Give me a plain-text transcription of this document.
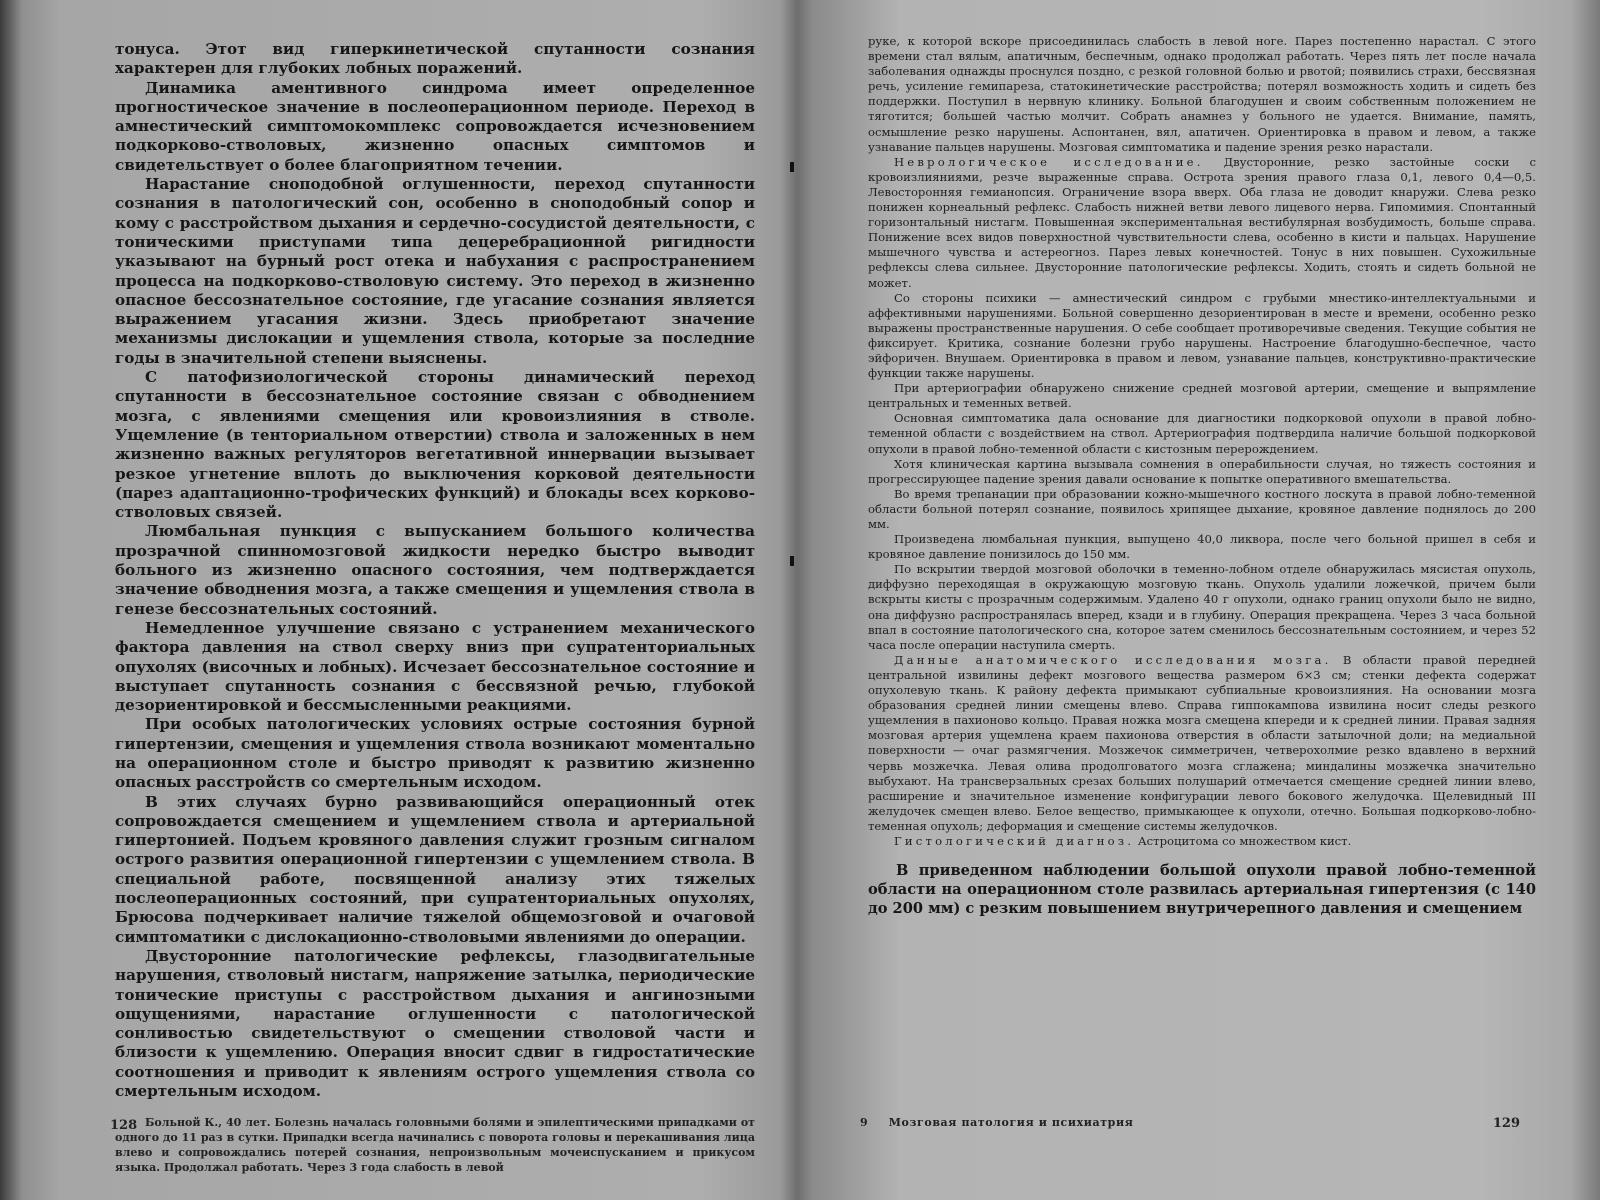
тонуса. Этот вид гиперкинетической спутанности сознания характерен для глубоких лобных поражений.

Динамика аментивного синдрома имеет определенное прогностическое значение в послеоперационном периоде. Переход в амнестический симптомокомплекс сопровождается исчезновением подкорково-стволовых, жизненно опасных симптомов и свидетельствует о более благоприятном течении.

Нарастание сноподобной оглушенности, переход спутанности сознания в патологический сон, особенно в сноподобный сопор и кому с расстройством дыхания и сердечно-сосудистой деятельности, с тоническими приступами типа децеребрационной ригидности указывают на бурный рост отека и набухания с распространением процесса на подкорково-стволовую систему. Это переход в жизненно опасное бессознательное состояние, где угасание сознания является выражением угасания жизни. Здесь приобретают значение механизмы дислокации и ущемления ствола, которые за последние годы в значительной степени выяснены.

С патофизиологической стороны динамический переход спутанности в бессознательное состояние связан с обводнением мозга, с явлениями смещения или кровоизлияния в стволе. Ущемление (в тенториальном отверстии) ствола и заложенных в нем жизненно важных регуляторов вегетативной иннервации вызывает резкое угнетение вплоть до выключения корковой деятельности (парез адаптационно-трофических функций) и блокады всех корково-стволовых связей.

Люмбальная пункция с выпусканием большого количества прозрачной спинномозговой жидкости нередко быстро выводит больного из жизненно опасного состояния, чем подтверждается значение обводнения мозга, а также смещения и ущемления ствола в генезе бессознательных состояний.

Немедленное улучшение связано с устранением механического фактора давления на ствол сверху вниз при супратенториальных опухолях (височных и лобных). Исчезает бессознательное состояние и выступает спутанность сознания с бессвязной речью, глубокой дезориентировкой и бессмысленными реакциями.

При особых патологических условиях острые состояния бурной гипертензии, смещения и ущемления ствола возникают моментально на операционном столе и быстро приводят к развитию жизненно опасных расстройств со смертельным исходом.

В этих случаях бурно развивающийся операционный отек сопровождается смещением и ущемлением ствола и артериальной гипертонией. Подъем кровяного давления служит грозным сигналом острого развития операционной гипертензии с ущемлением ствола. В специальной работе, посвященной анализу этих тяжелых послеоперационных состояний, при супратенториальных опухолях, Брюсова подчеркивает наличие тяжелой общемозговой и очаговой симптоматики с дислокационно-стволовыми явлениями до операции.

Двусторонние патологические рефлексы, глазодвигательные нарушения, стволовый нистагм, напряжение затылка, периодические тонические приступы с расстройством дыхания и ангинозными ощущениями, нарастание оглушенности с патологической сонливостью свидетельствуют о смещении стволовой части и близости к ущемлению. Операция вносит сдвиг в гидростатические соотношения и приводит к явлениям острого ущемления ствола со смертельным исходом.

Больной К., 40 лет. Болезнь началась головными болями и эпилептическими припадками от одного до 11 раз в сутки. Припадки всегда начинались с поворота головы и перекашивания лица влево и сопровождались потерей сознания, непроизвольным мочеиспусканием и прикусом языка. Продолжал работать. Через 3 года слабость в левой

128

руке, к которой вскоре присоединилась слабость в левой ноге. Парез постепенно нарастал. С этого времени стал вялым, апатичным, беспечным, однако продолжал работать. Через пять лет после начала заболевания однажды проснулся поздно, с резкой головной болью и рвотой; появились страхи, бессвязная речь, усиление гемипареза, статокинетические расстройства; потерял возможность ходить и сидеть без поддержки. Поступил в нервную клинику. Больной благодушен и своим собственным положением не тяготится; большей частью молчит. Собрать анамнез у больного не удается. Внимание, память, осмышление резко нарушены. Аспонтанен, вял, апатичен. Ориентировка в правом и левом, а также узнавание пальцев нарушены. Мозговая симптоматика и падение зрения резко нарастали.

Неврологическое исследование. Двусторонние, резко застойные соски с кровоизлияниями, резче выраженные справа. Острота зрения правого глаза 0,1, левого 0,4—0,5. Левосторонняя гемианопсия. Ограничение взора вверх. Оба глаза не доводит кнаружи. Слева резко понижен корнеальный рефлекс. Слабость нижней ветви левого лицевого нерва. Гипомимия. Спонтанный горизонтальный нистагм. Повышенная экспериментальная вестибулярная возбудимость, больше справа. Понижение всех видов поверхностной чувствительности слева, особенно в кисти и пальцах. Нарушение мышечного чувства и астереогноз. Парез левых конечностей. Тонус в них повышен. Сухожильные рефлексы слева сильнее. Двусторонние патологические рефлексы. Ходить, стоять и сидеть больной не может.

Со стороны психики — амнестический синдром с грубыми мнестико-интеллектуальными и аффективными нарушениями. Больной совершенно дезориентирован в месте и времени, особенно резко выражены пространственные нарушения. О себе сообщает противоречивые сведения. Текущие события не фиксирует. Критика, сознание болезни грубо нарушены. Настроение благодушно-беспечное, часто эйфоричен. Внушаем. Ориентировка в правом и левом, узнавание пальцев, конструктивно-практические функции также нарушены.

При артериографии обнаружено снижение средней мозговой артерии, смещение и выпрямление центральных и теменных ветвей.

Основная симптоматика дала основание для диагностики подкорковой опухоли в правой лобно-теменной области с воздействием на ствол. Артериография подтвердила наличие большой подкорковой опухоли в правой лобно-теменной области с кистозным перерождением.

Хотя клиническая картина вызывала сомнения в операбильности случая, но тяжесть состояния и прогрессирующее падение зрения давали основание к попытке оперативного вмешательства.

Во время трепанации при образовании кожно-мышечного костного лоскута в правой лобно-теменной области больной потерял сознание, появилось хрипящее дыхание, кровяное давление поднялось до 200 мм.

Произведена люмбальная пункция, выпущено 40,0 ликвора, после чего больной пришел в себя и кровяное давление понизилось до 150 мм.

По вскрытии твердой мозговой оболочки в теменно-лобном отделе обнаружилась мясистая опухоль, диффузно переходящая в окружающую мозговую ткань. Опухоль удалили ложечкой, причем были вскрыты кисты с прозрачным содержимым. Удалено 40 г опухоли, однако границ опухоли было не видно, она диффузно распространялась вперед, кзади и в глубину. Операция прекращена. Через 3 часа больной впал в состояние патологического сна, которое затем сменилось бессознательным состоянием, и через 52 часа после операции наступила смерть.

Данные анатомического исследования мозга. В области правой передней центральной извилины дефект мозгового вещества размером 6×3 см; стенки дефекта содержат опухолевую ткань. К району дефекта примыкают субпиальные кровоизлияния. На основании мозга образования средней линии смещены влево. Справа гиппокампова извилина носит следы резкого ущемления в пахионово кольцо. Правая ножка мозга смещена кпереди и к средней линии. Правая задняя мозговая артерия ущемлена краем пахионова отверстия в области затылочной доли; на медиальной поверхности — очаг размягчения. Мозжечок симметричен, четверохолмие резко вдавлено в верхний червь мозжечка. Левая олива продолговатого мозга сглажена; миндалины мозжечка значительно выбухают. На трансверзальных срезах больших полушарий отмечается смещение средней линии влево, расширение и значительное изменение конфигурации левого бокового желудочка. Щелевидный III желудочек смещен влево. Белое вещество, примыкающее к опухоли, отечно. Большая подкорково-лобно-теменная опухоль; деформация и смещение системы желудочков.

Гистологический диагноз. Астроцитома со множеством кист.

В приведенном наблюдении большой опухоли правой лобно-теменной области на операционном столе развилась артериальная гипертензия (с 140 до 200 мм) с резким повышением внутричерепного давления и смещением

9 Мозговая патология и психиатрия	129
